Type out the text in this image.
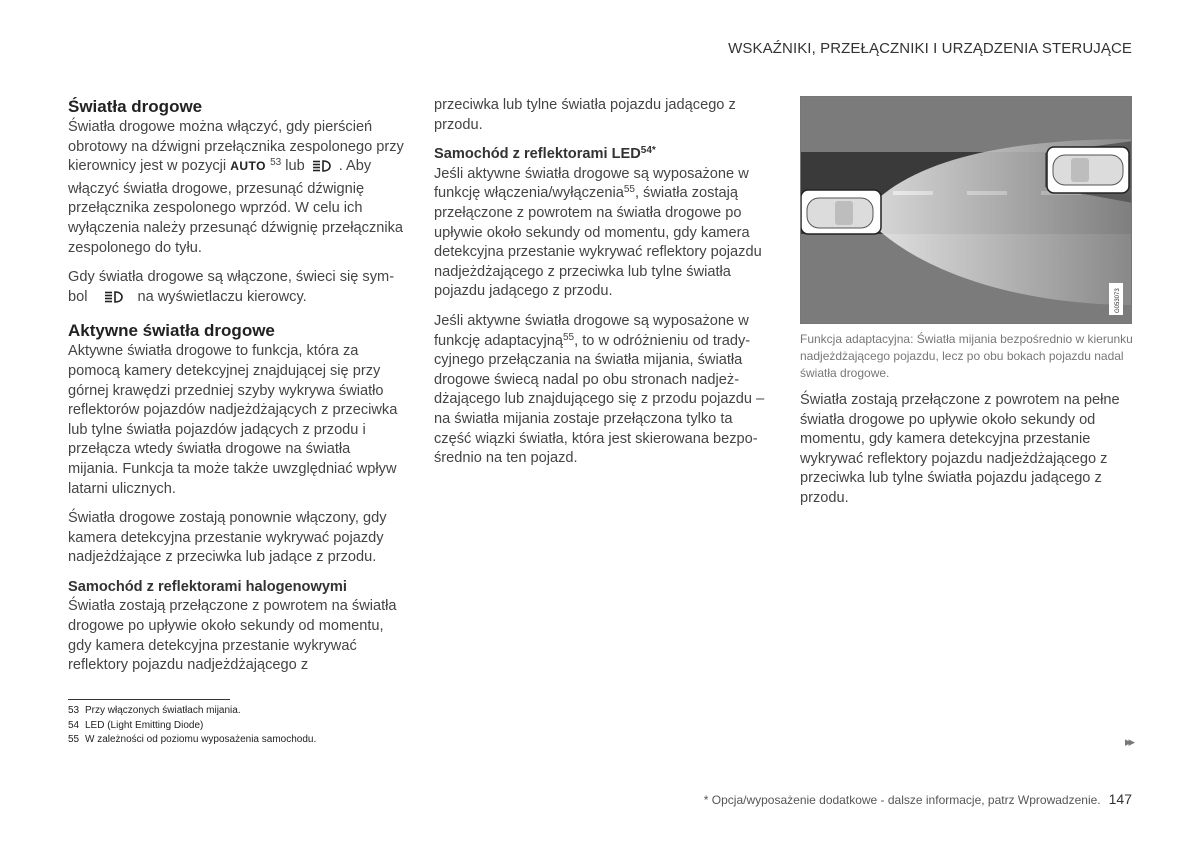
WSKAŹNIKI, PRZEŁĄCZNIKI I URZĄDZENIA STERUJĄCE
Światła drogowe

Światła drogowe można włączyć, gdy pierścień obrotowy na dźwigni przełącznika zespolonego przy kierownicy jest w pozycji AUTO $^{53}$ lub . Aby włączyć światła drogowe, przesunąć dźwignię przełącznika zespolonego wprzód. W celu ich wyłączenia należy przesunąć dźwignię przełącznika zespolonego do tyłu.

Gdy światła drogowe są włączone, świeci się symbol	na wyświetlaczu kierowcy.

Aktywne światła drogowe

Aktywne światła drogowe to funkcja, która za pomocą kamery detekcyjnej znajdującej się przy górnej krawędzi przedniej szyby wykrywa światło reflektorów pojazdów nadjeżdżających z przeciwka lub tylne światła pojazdów jadących z przodu i przełącza wtedy światła drogowe na światła mijania. Funkcja ta może także uwzględniać wpływ latarni ulicznych.

Światła drogowe zostają ponownie włączony, gdy kamera detekcyjna przestanie wykrywać pojazdy nadjeżdżające z przeciwka lub jadące z przodu.

Samochód z reflektorami halogenowymi

Światła zostają przełączone z powrotem na światła drogowe po upływie około sekundy od momentu, gdy kamera detekcyjna przestanie wykrywać reflektory pojazdu nadjeżdżającego z

przeciwka lub tylne światła pojazdu jadącego z przodu.

Samochód z reflektorami $LED^{54*}$

Jeśli aktywne światła drogowe są wyposażone w funkcję włączenia/wyłączenia$^{55}$, światła zostają przełączone z powrotem na światła drogowe po upływie około sekundy od momentu, gdy kamera detekcyjna przestanie wykrywać reflektory pojazdu nadjeżdżającego z przeciwka lub tylne światła pojazdu jadącego z przodu.

Jeśli aktywne światła drogowe są wyposażone w funkcję adaptacyjną$^{55}$, to w odróżnieniu od tradycyjnego przełączania na światła mijania, światła drogowe świecą nadal po obu stronach nadjeżdżającego lub znajdującego się z przodu pojazdu – na światła mijania zostaje przełączona tylko ta część wiązki światła, która jest skierowana bezpośrednio na ten pojazd.

G053073
Funkcja adaptacyjna: Światła mijania bezpośrednio w kierunku nadjeżdżającego pojazdu, lecz po obu bokach pojazdu nadal światła drogowe.

Światła zostają przełączone z powrotem na pełne światła drogowe po upływie około sekundy od momentu, gdy kamera detekcyjna przestanie wykrywać reflektory pojazdu nadjeżdżającego z przeciwka lub tylne światła pojazdu jadącego z przodu.

53 Przy włączonych światłach mijania.
54 LED (Light Emitting Diode)
55 W zależności od poziomu wyposażenia samochodu.	▸▸
* Opcja/wyposażenie dodatkowe - dalsze informacje, patrz Wprowadzenie. 147
